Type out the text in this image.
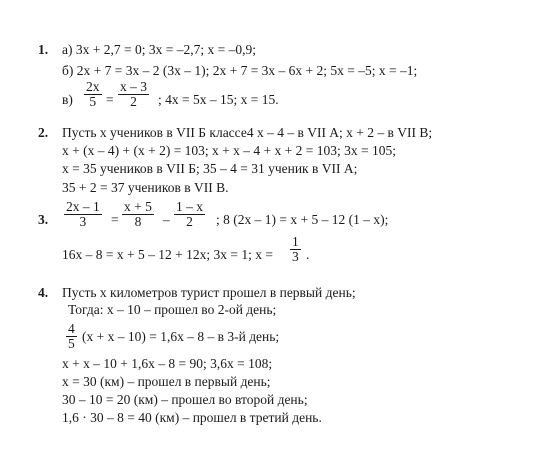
1. а) 3x + 2,7 = 0; 3x = –2,7; x = –0,9;
б) 2x + 7 = 3x – 2 (3x – 1); 2x + 7 = 3x – 6x + 2; 5x = –5; x = –1;
$в) \frac{2x}{5} = \frac{x - 3}{2}$ ; 4x = 5x – 15; x = 15.
2. Пусть x учеников в VII Б классе4 x – 4 – в VII А; x + 2 – в VII В;
x + (x – 4) + (x + 2) = 103; x + x – 4 + x + 2 = 103; 3x = 105;
x = 35 учеников в VII Б; 35 – 4 = 31 ученик в VII А;
35 + 2 = 37 учеников в VII В.
3. $\frac{2x - 1}{3} = \frac{x + 5}{8} - \frac{1 - x}{2}$ ; 8 (2x – 1) = x + 5 – 12 (1 – x);
16x – 8 = x + 5 – 12 + 12x; 3x = 1; $x = \frac{1}{3}$ .
4. Пусть x километров турист прошел в первый день;
Тогда: x – 10 – прошел во 2-ой день;
$\frac{4}{5} (x + x - 10) = 1,6x - 8 - в$ 3-й день;
x + x – 10 + 1,6x – 8 = 90; 3,6x = 108;
x = 30 (км) – прошел в первый день;
30 – 10 = 20 (км) – прошел во второй день;
1,6 · 30 – 8 = 40 (км) – прошел в третий день.
